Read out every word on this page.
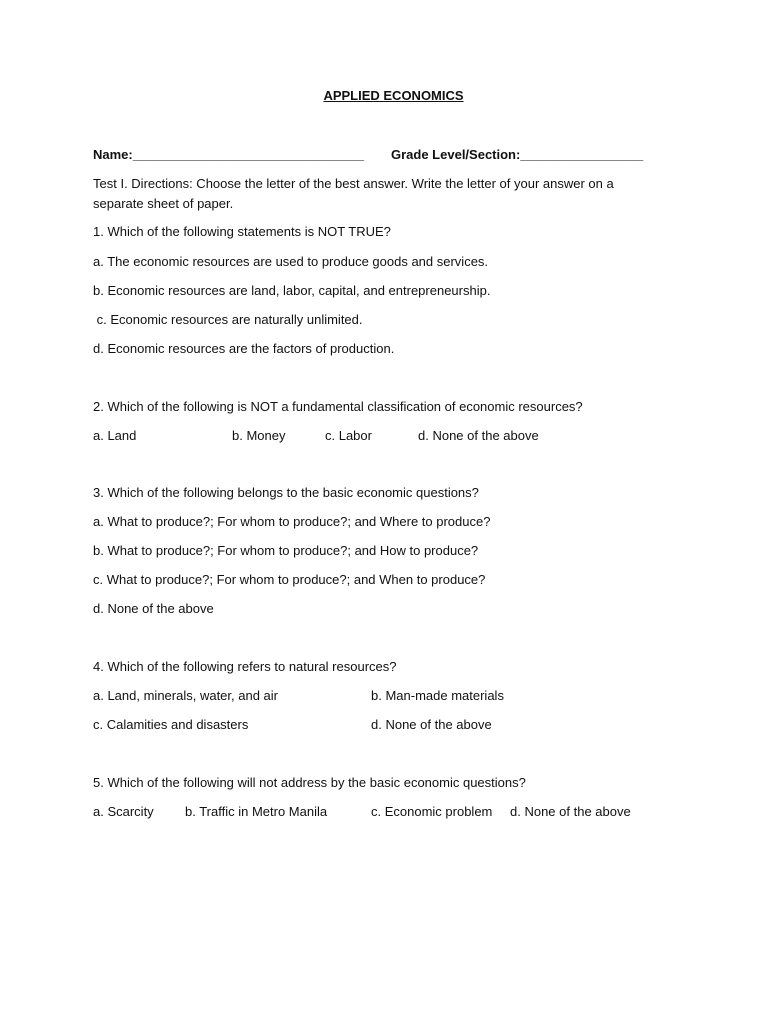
APPLIED ECONOMICS
Name:________________________________ Grade Level/Section:_________________
Test I. Directions: Choose the letter of the best answer. Write the letter of your answer on a
separate sheet of paper.
1. Which of the following statements is NOT TRUE?
a. The economic resources are used to produce goods and services.
b. Economic resources are land, labor, capital, and entrepreneurship.
c. Economic resources are naturally unlimited.
d. Economic resources are the factors of production.
2. Which of the following is NOT a fundamental classification of economic resources?
a. Land	b. Money	c. Labor	d. None of the above
3. Which of the following belongs to the basic economic questions?
a. What to produce?; For whom to produce?; and Where to produce?
b. What to produce?; For whom to produce?; and How to produce?
c. What to produce?; For whom to produce?; and When to produce?
d. None of the above
4. Which of the following refers to natural resources?
a. Land, minerals, water, and air	b. Man-made materials
c. Calamities and disasters	d. None of the above
5. Which of the following will not address by the basic economic questions?
a. Scarcity b. Traffic in Metro Manila	c. Economic problem d. None of the above
